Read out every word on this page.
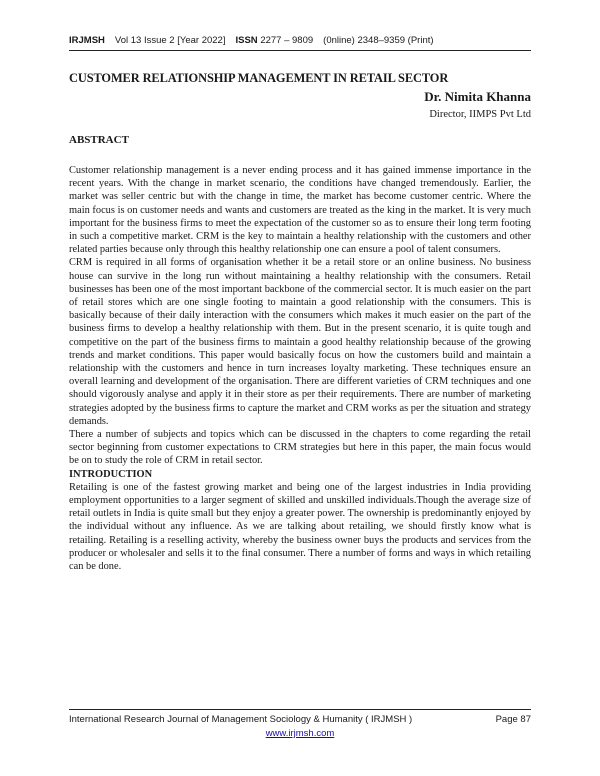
IRJMSH Vol 13 Issue 2 [Year 2022] ISSN 2277 – 9809 (0nline) 2348–9359 (Print)
CUSTOMER RELATIONSHIP MANAGEMENT IN RETAIL SECTOR
Dr. Nimita Khanna
Director, IIMPS Pvt Ltd
ABSTRACT

Customer relationship management is a never ending process and it has gained immense importance in the recent years. With the change in market scenario, the conditions have changed tremendously. Earlier, the market was seller centric but with the change in time, the market has become customer centric. Where the main focus is on customer needs and wants and customers are treated as the king in the market. It is very much important for the business firms to meet the expectation of the customer so as to ensure their long term footing in such a competitive market. CRM is the key to maintain a healthy relationship with the customers and other related parties because only through this healthy relationship one can ensure a pool of talent consumers.

CRM is required in all forms of organisation whether it be a retail store or an online business. No business house can survive in the long run without maintaining a healthy relationship with the consumers. Retail businesses has been one of the most important backbone of the commercial sector. It is much easier on the part of retail stores which are one single footing to maintain a good relationship with the consumers. This is basically because of their daily interaction with the consumers which makes it much easier on the part of the business firms to develop a healthy relationship with them. But in the present scenario, it is quite tough and competitive on the part of the business firms to maintain a good healthy relationship because of the growing trends and market conditions. This paper would basically focus on how the customers build and maintain a relationship with the customers and hence in turn increases loyalty marketing. These techniques ensure an overall learning and development of the organisation. There are different varieties of CRM techniques and one should vigorously analyse and apply it in their store as per their requirements. There are number of marketing strategies adopted by the business firms to capture the market and CRM works as per the situation and strategy demands.

There a number of subjects and topics which can be discussed in the chapters to come regarding the retail sector beginning from customer expectations to CRM strategies but here in this paper, the main focus would be on to study the role of CRM in retail sector.

INTRODUCTION

Retailing is one of the fastest growing market and being one of the largest industries in India providing employment opportunities to a larger segment of skilled and unskilled individuals.Though the average size of retail outlets in India is quite small but they enjoy a greater power. The ownership is predominantly enjoyed by the individual without any influence. As we are talking about retailing, we should firstly know what is retailing. Retailing is a reselling activity, whereby the business owner buys the products and services from the producer or wholesaler and sells it to the final consumer. There a number of forms and ways in which retailing can be done.

International Research Journal of Management Sociology & Humanity ( IRJMSH )	Page 87
www.irjmsh.com
